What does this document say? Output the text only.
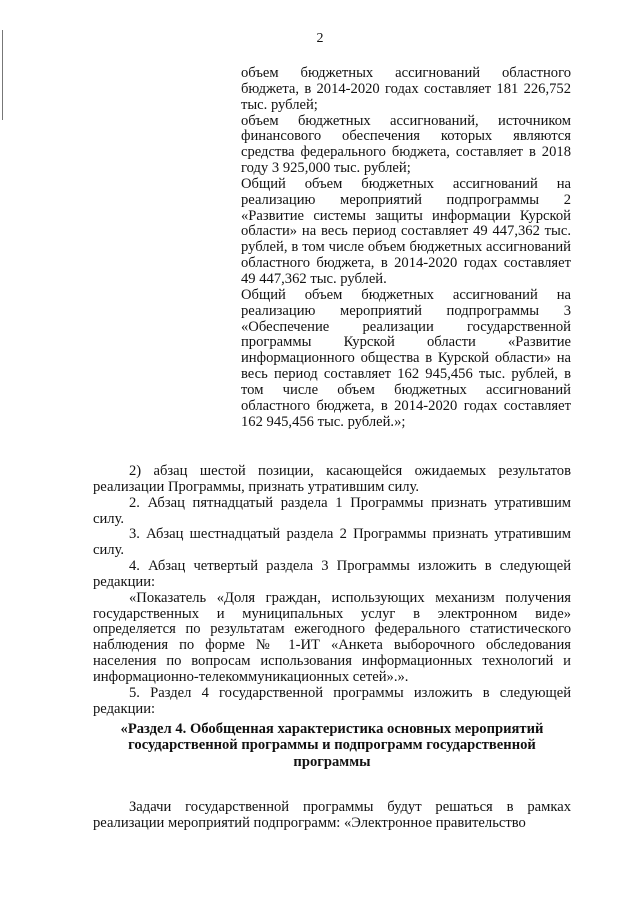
2

объем бюджетных ассигнований областного бюджета, в 2014-2020 годах составляет 181 226,752 тыс. рублей;

объем бюджетных ассигнований, источником финансового обеспечения которых являются средства федерального бюджета, составляет в 2018 году 3 925,000 тыс. рублей;

Общий объем бюджетных ассигнований на реализацию мероприятий подпрограммы 2 «Развитие системы защиты информации Курской области» на весь период составляет 49 447,362 тыс. рублей, в том числе объем бюджетных ассигнований областного бюджета, в 2014-2020 годах составляет 49 447,362 тыс. рублей.

Общий объем бюджетных ассигнований на реализацию мероприятий подпрограммы 3 «Обеспечение реализации государственной программы Курской области «Развитие информационного общества в Курской области» на весь период составляет 162 945,456 тыс. рублей, в том числе объем бюджетных ассигнований областного бюджета, в 2014-2020 годах составляет 162 945,456 тыс. рублей.»;

2) абзац шестой позиции, касающейся ожидаемых результатов реализации Программы, признать утратившим силу.

2. Абзац пятнадцатый раздела 1 Программы признать утратившим силу.

3. Абзац шестнадцатый раздела 2 Программы признать утратившим силу.

4. Абзац четвертый раздела 3 Программы изложить в следующей редакции:

«Показатель «Доля граждан, использующих механизм получения государственных и муниципальных услуг в электронном виде» определяется по результатам ежегодного федерального статистического наблюдения по форме № 1-ИТ «Анкета выборочного обследования населения по вопросам использования информационных технологий и информационно-телекоммуникационных сетей».».

5. Раздел 4 государственной программы изложить в следующей редакции:

«Раздел 4. Обобщенная характеристика основных мероприятий государственной программы и подпрограмм государственной программы

Задачи государственной программы будут решаться в рамках реализации мероприятий подпрограмм: «Электронное правительство
